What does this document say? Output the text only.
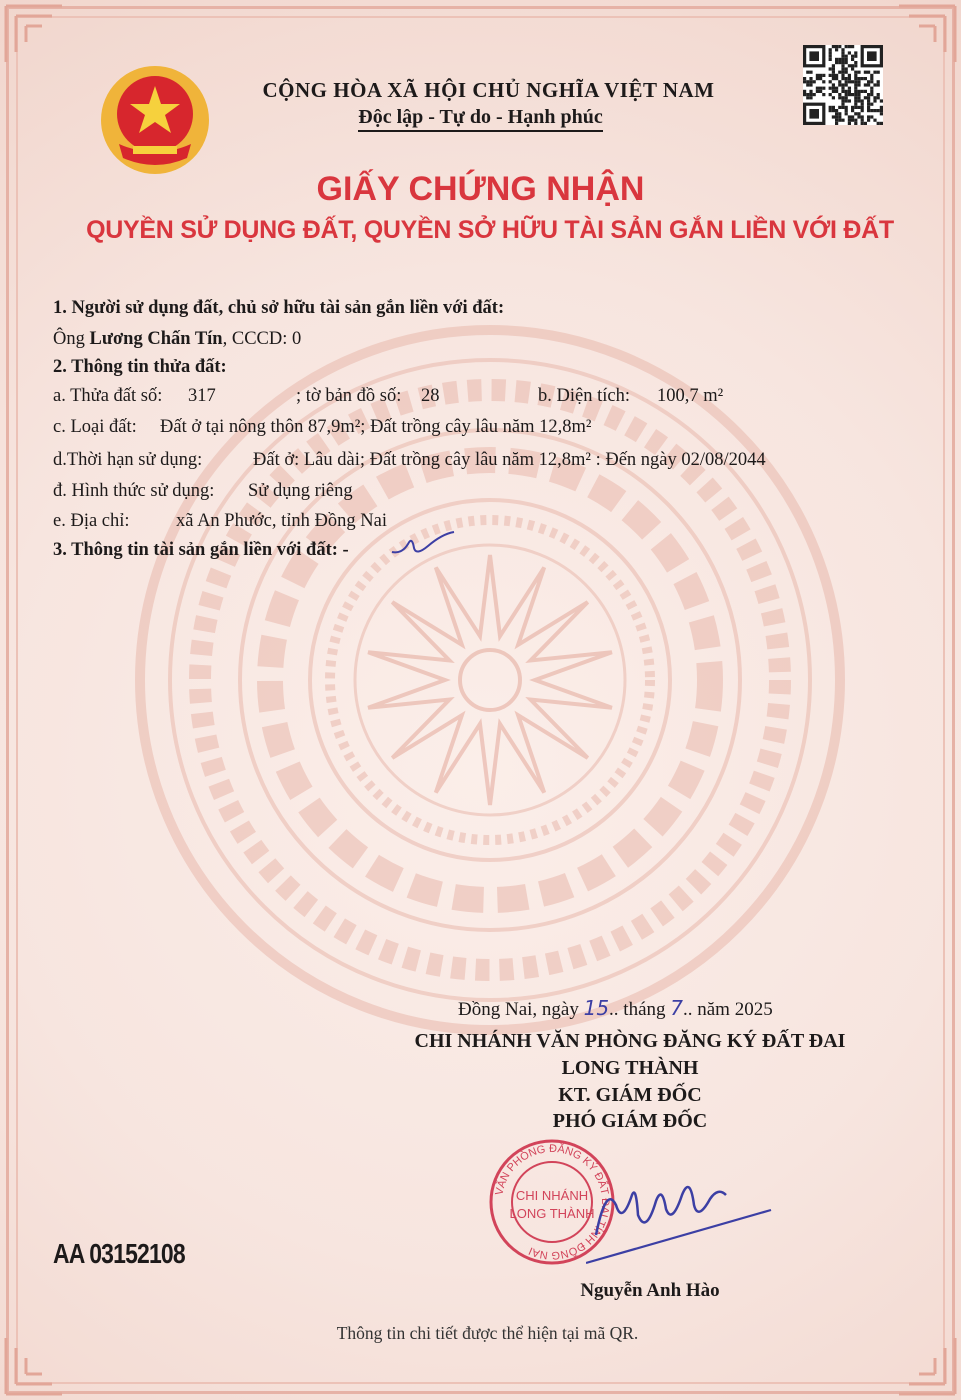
CỘNG HÒA XÃ HỘI CHỦ NGHĨA VIỆT NAM
Độc lập - Tự do - Hạnh phúc
GIẤY CHỨNG NHẬN
QUYỀN SỬ DỤNG ĐẤT, QUYỀN SỞ HỮU TÀI SẢN GẮN LIỀN VỚI ĐẤT
1. Người sử dụng đất, chủ sở hữu tài sản gắn liền với đất:
Ông Lương Chấn Tín, CCCD: 0
2. Thông tin thửa đất:
a. Thửa đất số: 317	; tờ bản đồ số: 28	b. Diện tích: 100,7 m²
c. Loại đất: Đất ở tại nông thôn 87,9m²; Đất trồng cây lâu năm 12,8m²
d.Thời hạn sử dụng:	Đất ở: Lâu dài; Đất trồng cây lâu năm 12,8m² : Đến ngày 02/08/2044
đ. Hình thức sử dụng: Sử dụng riêng
e. Địa chỉ:	xã An Phước, tỉnh Đồng Nai
3. Thông tin tài sản gắn liền với đất: -
Đồng Nai, ngày 15.. tháng 7.. năm 2025
CHI NHÁNH VĂN PHÒNG ĐĂNG KÝ ĐẤT ĐAI
LONG THÀNH
KT. GIÁM ĐỐC
PHÓ GIÁM ĐỐC
VĂN PHÒNG ĐĂNG KÝ ĐẤT ĐAI TỈNH ĐỒNG NAI
CHI NHÁNH
LONG THÀNH
Nguyễn Anh Hào
AA 03152108
Thông tin chi tiết được thể hiện tại mã QR.
